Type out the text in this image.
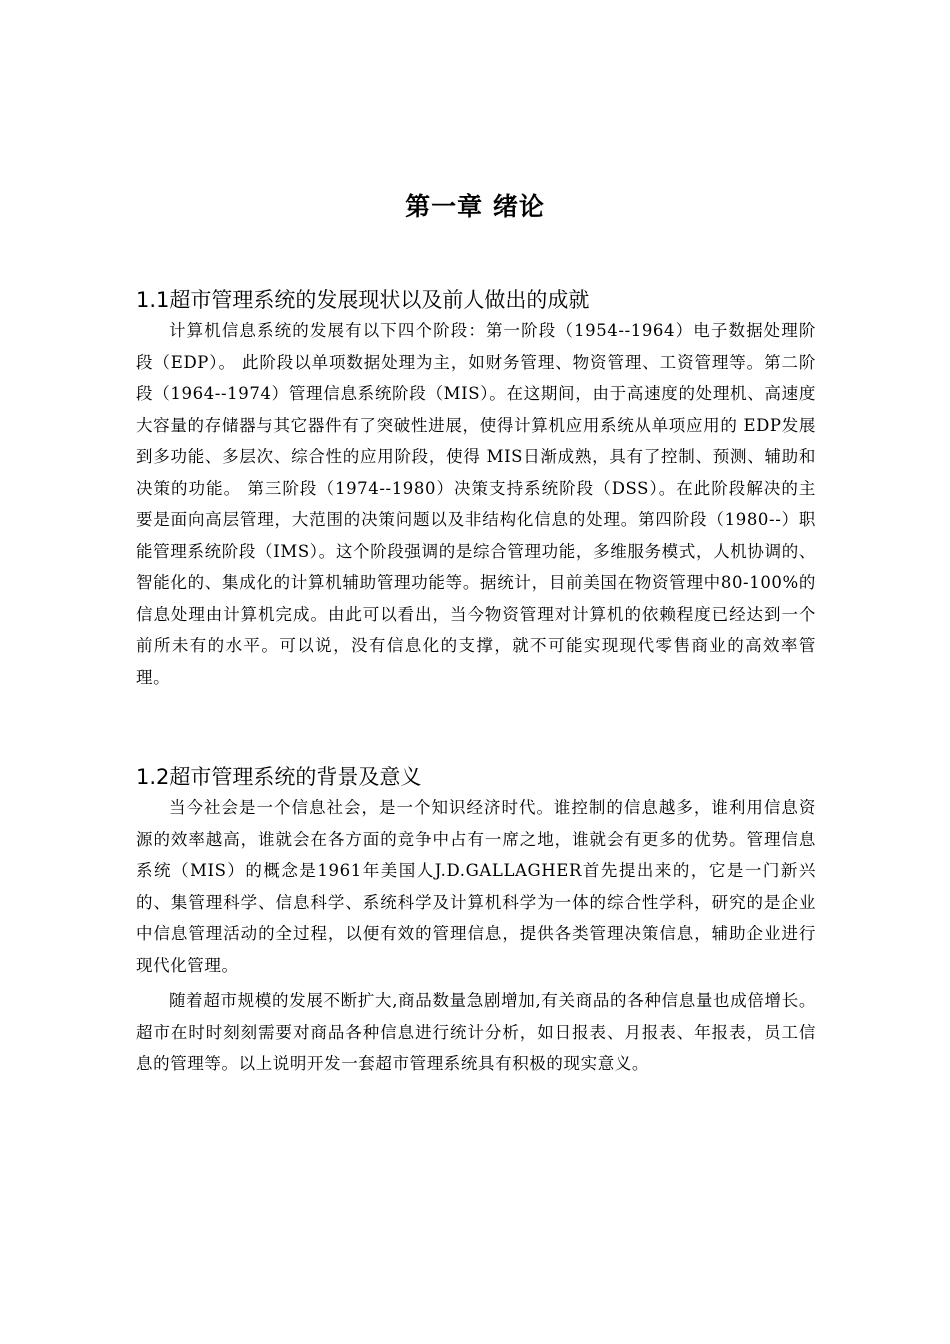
第一章 绪论
1.1超市管理系统的发展现状以及前人做出的成就

计算机信息系统的发展有以下四个阶段：第一阶段（1954--1964）电子数据处理阶段（EDP）。 此阶段以单项数据处理为主，如财务管理、物资管理、工资管理等。第二阶段（1964--1974）管理信息系统阶段（MIS）。在这期间，由于高速度的处理机、高速度大容量的存储器与其它器件有了突破性进展，使得计算机应用系统从单项应用的 EDP发展到多功能、多层次、综合性的应用阶段，使得 MIS日渐成熟，具有了控制、预测、辅助和决策的功能。 第三阶段（1974--1980）决策支持系统阶段（DSS）。在此阶段解决的主要是面向高层管理，大范围的决策问题以及非结构化信息的处理。第四阶段（1980--）职能管理系统阶段（IMS）。这个阶段强调的是综合管理功能，多维服务模式，人机协调的、智能化的、集成化的计算机辅助管理功能等。据统计，目前美国在物资管理中80-100%的信息处理由计算机完成。由此可以看出，当今物资管理对计算机的依赖程度已经达到一个前所未有的水平。可以说，没有信息化的支撑，就不可能实现现代零售商业的高效率管理。

1.2超市管理系统的背景及意义

当今社会是一个信息社会，是一个知识经济时代。谁控制的信息越多，谁利用信息资源的效率越高，谁就会在各方面的竞争中占有一席之地，谁就会有更多的优势。管理信息系统（MIS）的概念是1961年美国人J.D.GALLAGHER首先提出来的，它是一门新兴的、集管理科学、信息科学、系统科学及计算机科学为一体的综合性学科，研究的是企业中信息管理活动的全过程，以便有效的管理信息，提供各类管理决策信息，辅助企业进行现代化管理。

随着超市规模的发展不断扩大,商品数量急剧增加,有关商品的各种信息量也成倍增长。超市在时时刻刻需要对商品各种信息进行统计分析，如日报表、月报表、年报表，员工信息的管理等。以上说明开发一套超市管理系统具有积极的现实意义。
